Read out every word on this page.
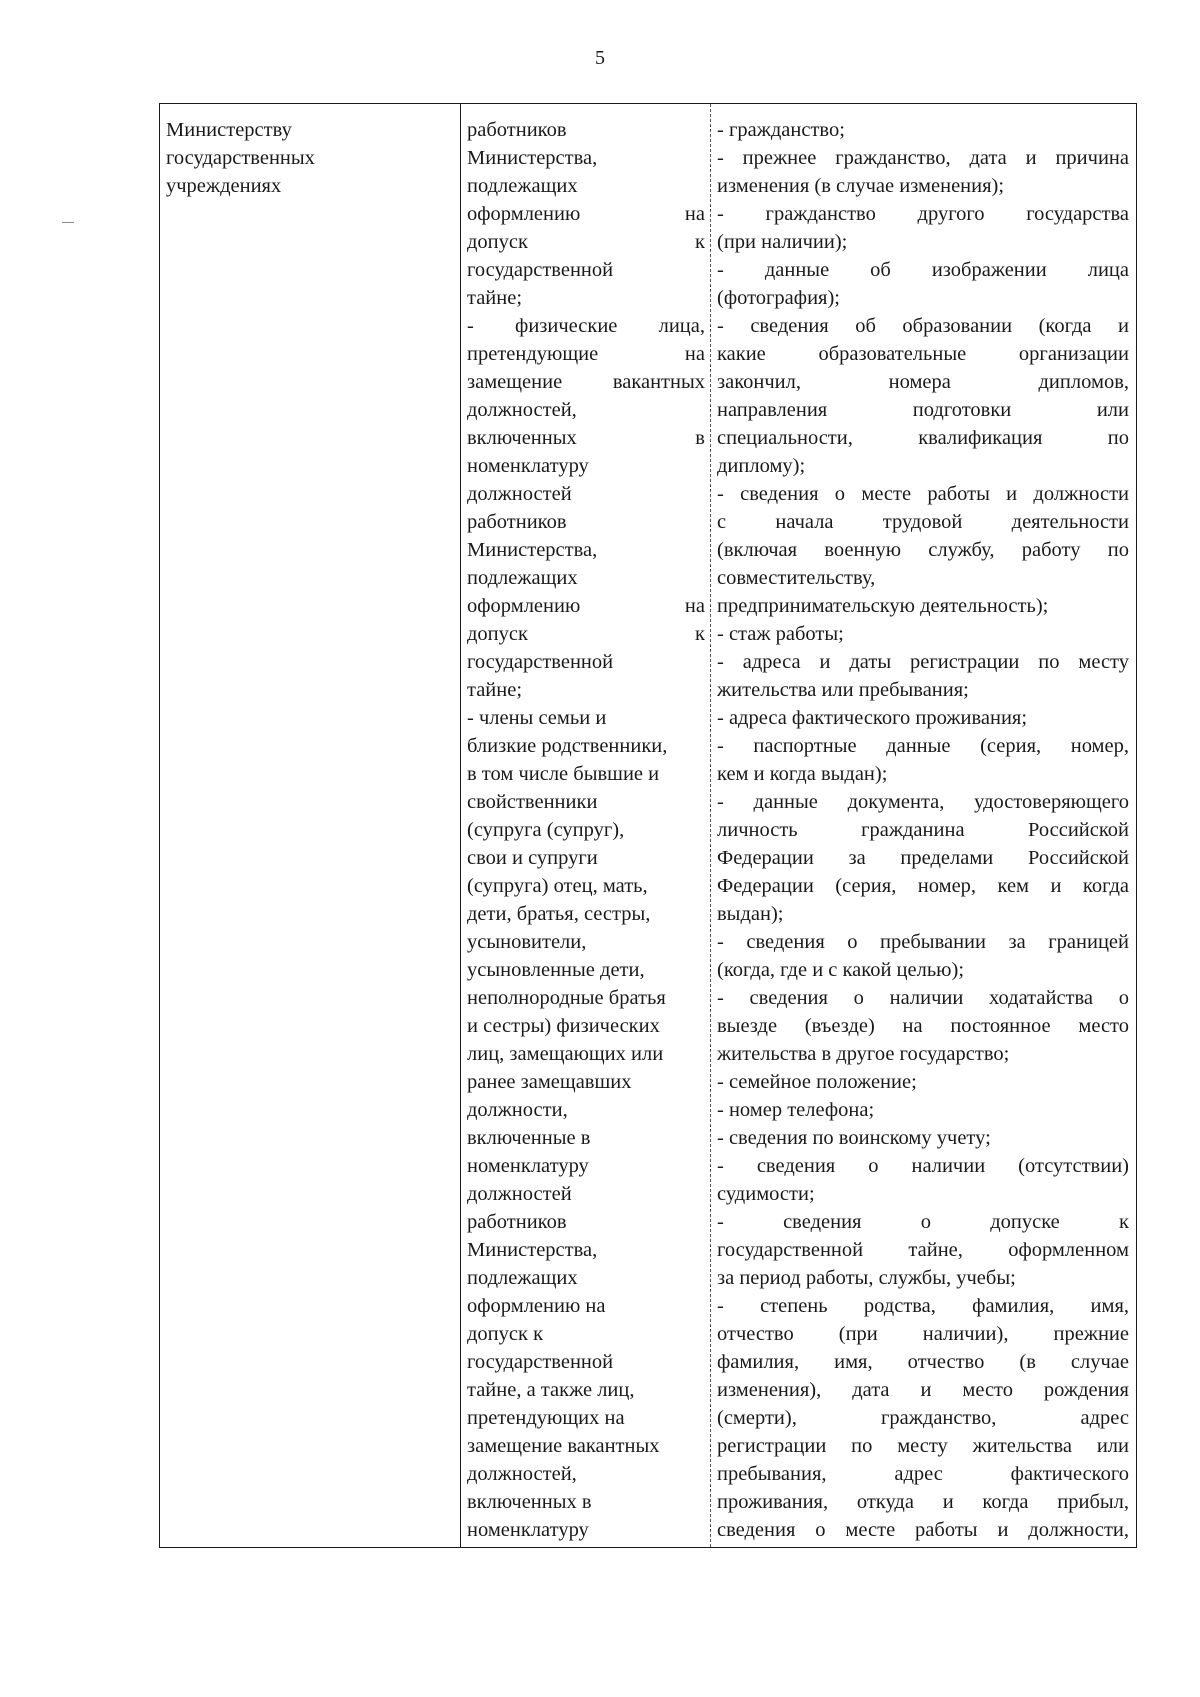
5
Министерству
государственных
учреждениях
работников
Министерства,
подлежащих
оформлению на
допуск к
государственной
тайне;
- физические лица,
претендующие на
замещение вакантных
должностей,
включенных в
номенклатуру
должностей
работников
Министерства,
подлежащих
оформлению на
допуск к
государственной
тайне;
- члены семьи и
близкие родственники,
в том числе бывшие и
свойственники
(супруга (супруг),
свои и супруги
(супруга) отец, мать,
дети, братья, сестры,
усыновители,
усыновленные дети,
неполнородные братья
и сестры) физических
лиц, замещающих или
ранее замещавших
должности,
включенные в
номенклатуру
должностей
работников
Министерства,
подлежащих
оформлению на
допуск к
государственной
тайне, а также лиц,
претендующих на
замещение вакантных
должностей,
включенных в
номенклатуру
- гражданство;
- прежнее гражданство, дата и причина
изменения (в случае изменения);
- гражданство другого государства
(при наличии);
- данные об изображении лица
(фотография);
- сведения об образовании (когда и
какие образовательные организации
закончил, номера дипломов,
направления подготовки или
специальности, квалификация по
диплому);
- сведения о месте работы и должности
с начала трудовой деятельности
(включая военную службу, работу по
совместительству,
предпринимательскую деятельность);
- стаж работы;
- адреса и даты регистрации по месту
жительства или пребывания;
- адреса фактического проживания;
- паспортные данные (серия, номер,
кем и когда выдан);
- данные документа, удостоверяющего
личность гражданина Российской
Федерации за пределами Российской
Федерации (серия, номер, кем и когда
выдан);
- сведения о пребывании за границей
(когда, где и с какой целью);
- сведения о наличии ходатайства о
выезде (въезде) на постоянное место
жительства в другое государство;
- семейное положение;
- номер телефона;
- сведения по воинскому учету;
- сведения о наличии (отсутствии)
судимости;
- сведения о допуске к
государственной тайне, оформленном
за период работы, службы, учебы;
- степень родства, фамилия, имя,
отчество (при наличии), прежние
фамилия, имя, отчество (в случае
изменения), дата и место рождения
(смерти), гражданство, адрес
регистрации по месту жительства или
пребывания, адрес фактического
проживания, откуда и когда прибыл,
сведения о месте работы и должности,
